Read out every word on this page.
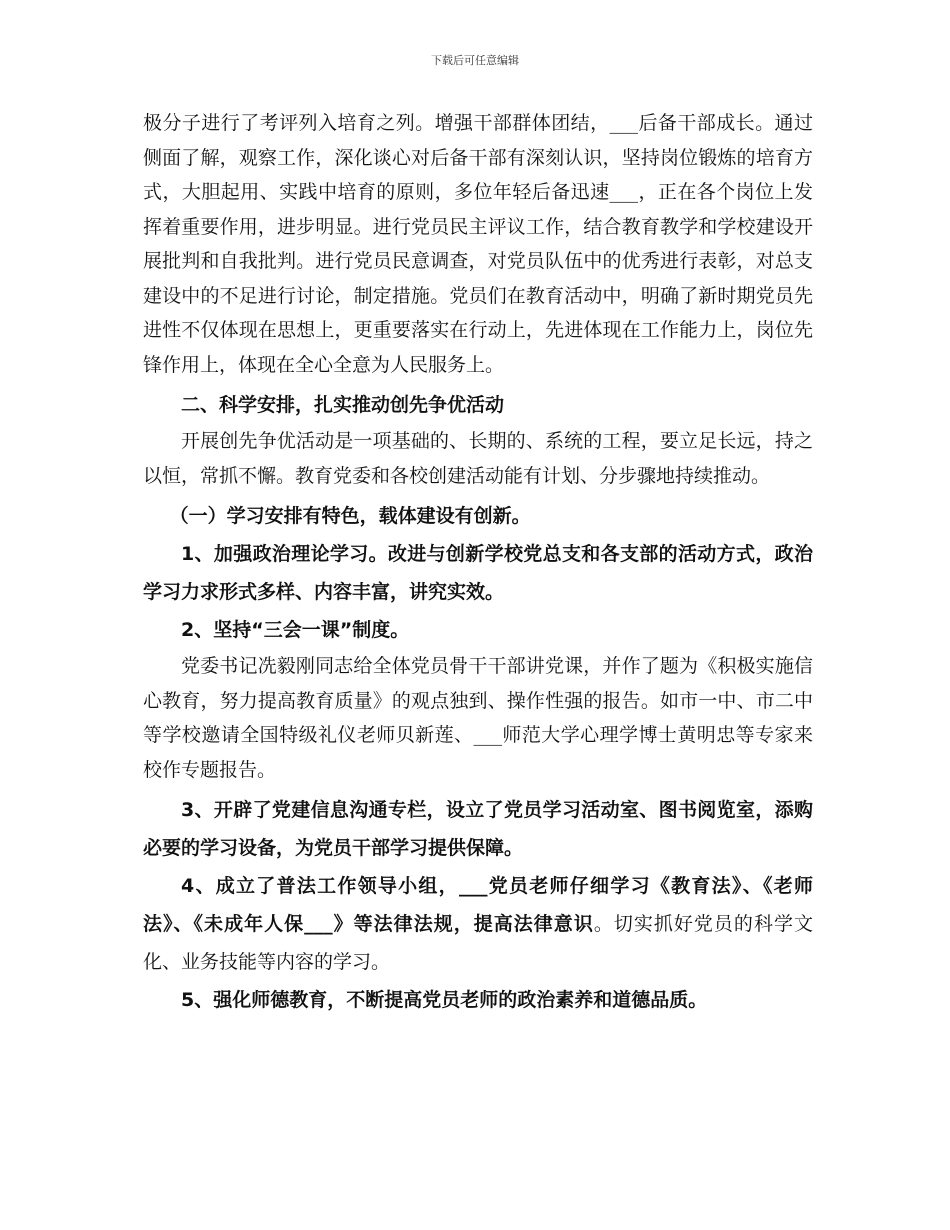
下载后可任意编辑

极分子进行了考评列入培育之列。增强干部群体团结，___后备干部成长。通过侧面了解，观察工作，深化谈心对后备干部有深刻认识，坚持岗位锻炼的培育方式，大胆起用、实践中培育的原则，多位年轻后备迅速___，正在各个岗位上发挥着重要作用，进步明显。进行党员民主评议工作，结合教育教学和学校建设开展批判和自我批判。进行党员民意调查，对党员队伍中的优秀进行表彰，对总支建设中的不足进行讨论，制定措施。党员们在教育活动中，明确了新时期党员先进性不仅体现在思想上，更重要落实在行动上，先进体现在工作能力上，岗位先锋作用上，体现在全心全意为人民服务上。

二、科学安排，扎实推动创先争优活动

开展创先争优活动是一项基础的、长期的、系统的工程，要立足长远，持之以恒，常抓不懈。教育党委和各校创建活动能有计划、分步骤地持续推动。

（一）学习安排有特色，载体建设有创新。

1、加强政治理论学习。改进与创新学校党总支和各支部的活动方式，政治学习力求形式多样、内容丰富，讲究实效。

2、坚持“三会一课”制度。

党委书记冼毅刚同志给全体党员骨干干部讲党课，并作了题为《积极实施信心教育，努力提高教育质量》的观点独到、操作性强的报告。如市一中、市二中等学校邀请全国特级礼仪老师贝新莲、___师范大学心理学博士黄明忠等专家来校作专题报告。

3、开辟了党建信息沟通专栏，设立了党员学习活动室、图书阅览室，添购必要的学习设备，为党员干部学习提供保障。

4、成立了普法工作领导小组，___党员老师仔细学习《教育法》、《老师法》、《未成年人保___》等法律法规，提高法律意识。切实抓好党员的科学文化、业务技能等内容的学习。

5、强化师德教育，不断提高党员老师的政治素养和道德品质。
